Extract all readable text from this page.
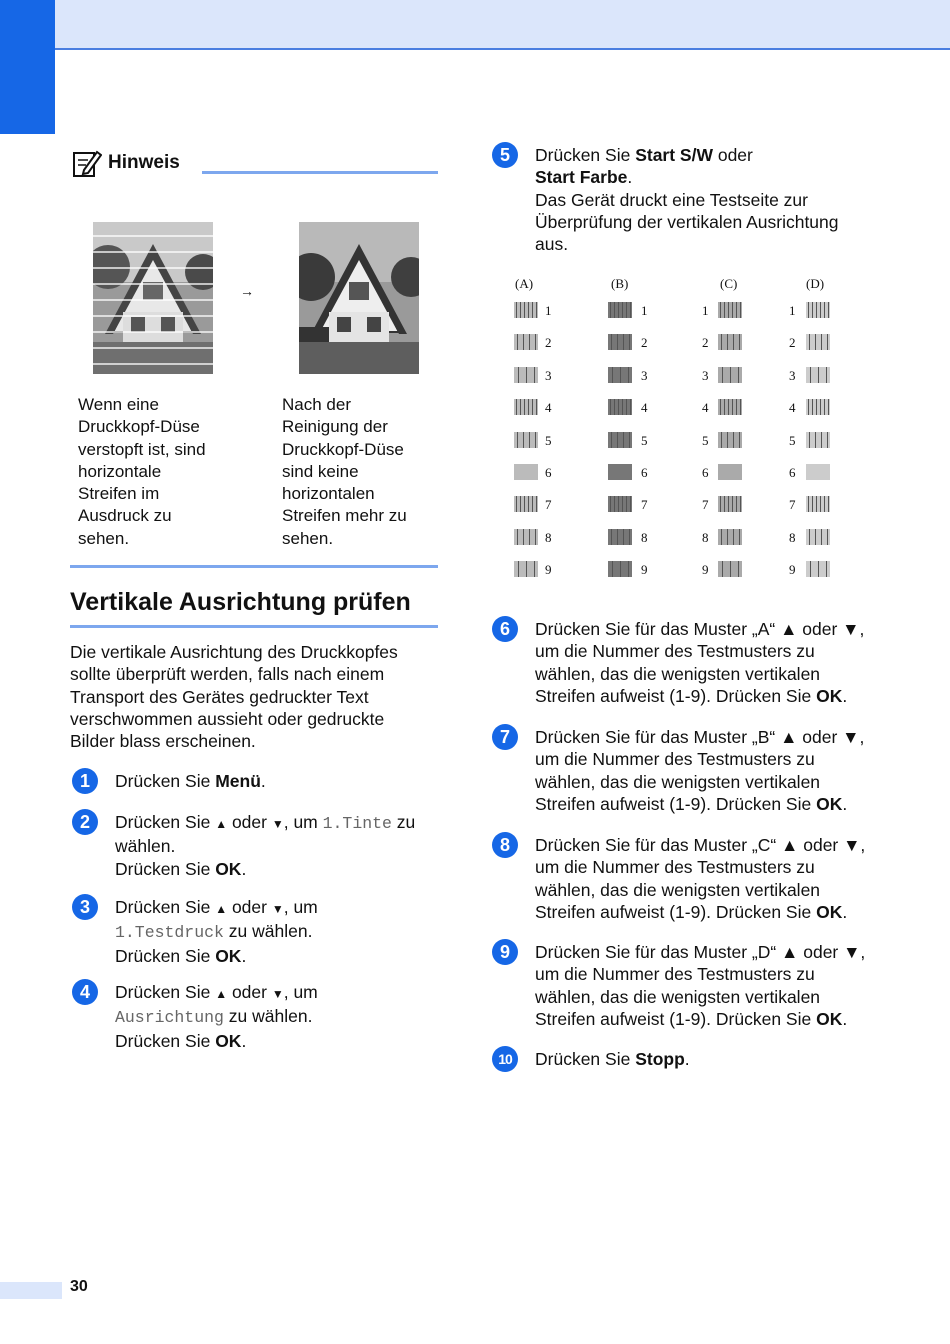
Hinweis
→
Wenn eine
Druckkopf-Düse
verstopft ist, sind
horizontale
Streifen im
Ausdruck zu
sehen.
Nach der
Reinigung der
Druckkopf-Düse
sind keine
horizontalen
Streifen mehr zu
sehen.
Vertikale Ausrichtung prüfen
Die vertikale Ausrichtung des Druckkopfes
sollte überprüft werden, falls nach einem
Transport des Gerätes gedruckter Text
verschwommen aussieht oder gedruckte
Bilder blass erscheinen.
1	Drücken Sie Menü.
2	Drücken Sie ▲ oder ▼, um 1.Tinte zu
wählen.
Drücken Sie OK.
3	Drücken Sie ▲ oder ▼, um
1.Testdruck zu wählen.
Drücken Sie OK.
4	Drücken Sie ▲ oder ▼, um
Ausrichtung zu wählen.
Drücken Sie OK.
5	Drücken Sie Start S/W oder
Start Farbe.
Das Gerät druckt eine Testseite zur
Überprüfung der vertikalen Ausrichtung
aus.
(A)	(B)	(C)	(D)
1	1	1	1
2	2	2	2
3	3	3	3
4	4	4	4
5	5	5	5
6	6	6	6
7	7	7	7
8	8	8	8
9	9	9	9
6	Drücken Sie für das Muster „A“ ▲ oder ▼,
um die Nummer des Testmusters zu
wählen, das die wenigsten vertikalen
Streifen aufweist (1-9). Drücken Sie OK.
7	Drücken Sie für das Muster „B“ ▲ oder ▼,
um die Nummer des Testmusters zu
wählen, das die wenigsten vertikalen
Streifen aufweist (1-9). Drücken Sie OK.
8	Drücken Sie für das Muster „C“ ▲ oder ▼,
um die Nummer des Testmusters zu
wählen, das die wenigsten vertikalen
Streifen aufweist (1-9). Drücken Sie OK.
9	Drücken Sie für das Muster „D“ ▲ oder ▼,
um die Nummer des Testmusters zu
wählen, das die wenigsten vertikalen
Streifen aufweist (1-9). Drücken Sie OK.
10	Drücken Sie Stopp.
30
